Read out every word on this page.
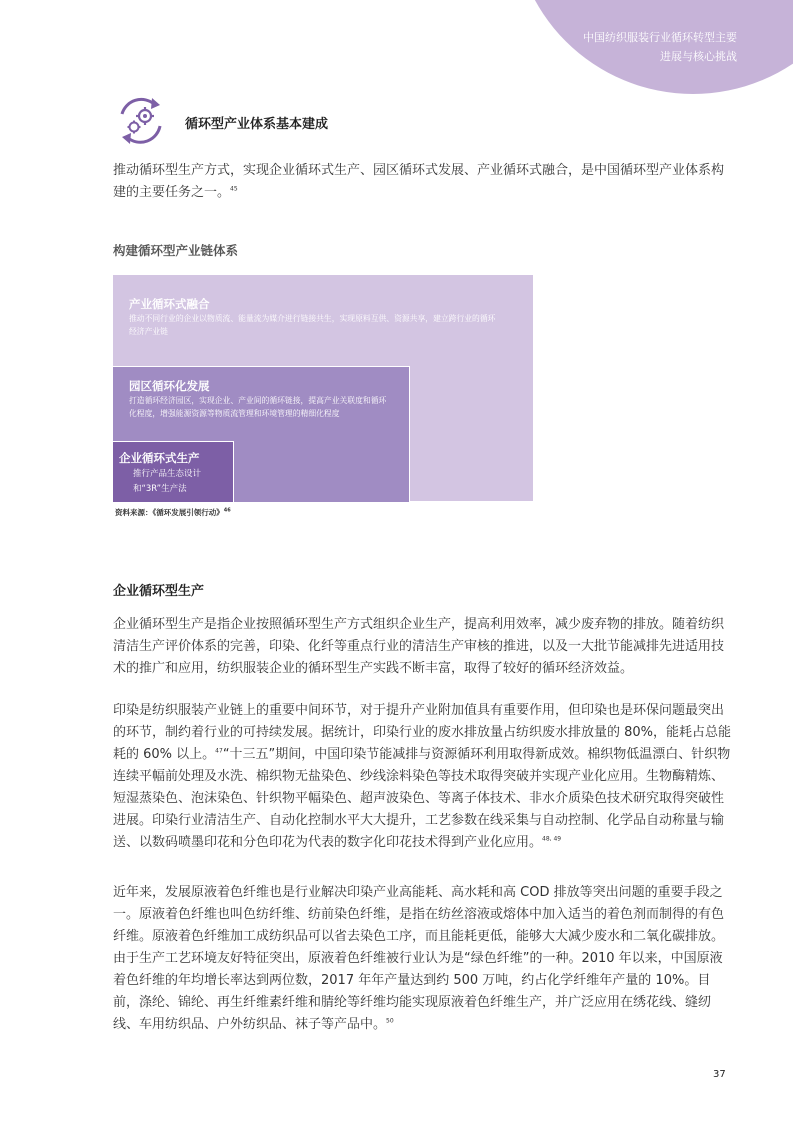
中国纺织服装行业循环转型主要
进展与核心挑战
循环型产业体系基本建成

推动循环型生产方式，实现企业循环式生产、园区循环式发展、产业循环式融合，是中国循环型产业体系构建的主要任务之一。$^{45}$

构建循环型产业链体系
产业循环式融合
推动不同行业的企业以物质流、能量流为媒介进行链接共生，实现原料互供、资源共享，建立跨行业的循环经济产业链
园区循环化发展
打造循环经济园区，实现企业、产业间的循环链接，提高产业关联度和循环化程度，增强能源资源等物质流管理和环境管理的精细化程度
企业循环式生产
推行产品生态设计
和“3R”生产法
资料来源：《循环发展引领行动》$^{46}$
企业循环型生产

企业循环型生产是指企业按照循环型生产方式组织企业生产，提高利用效率，减少废弃物的排放。随着纺织清洁生产评价体系的完善，印染、化纤等重点行业的清洁生产审核的推进，以及一大批节能减排先进适用技术的推广和应用，纺织服装企业的循环型生产实践不断丰富，取得了较好的循环经济效益。

印染是纺织服装产业链上的重要中间环节，对于提升产业附加值具有重要作用，但印染也是环保问题最突出的环节，制约着行业的可持续发展。据统计，印染行业的废水排放量占纺织废水排放量的 80%，能耗占总能耗的 60% 以上。$^{47}$“十三五”期间，中国印染节能减排与资源循环利用取得新成效。棉织物低温漂白、针织物连续平幅前处理及水洗、棉织物无盐染色、纱线涂料染色等技术取得突破并实现产业化应用。生物酶精炼、短湿蒸染色、泡沫染色、针织物平幅染色、超声波染色、等离子体技术、非水介质染色技术研究取得突破性进展。印染行业清洁生产、自动化控制水平大大提升，工艺参数在线采集与自动控制、化学品自动称量与输送、以数码喷墨印花和分色印花为代表的数字化印花技术得到产业化应用。$^{48, 49}$

近年来，发展原液着色纤维也是行业解决印染产业高能耗、高水耗和高 COD 排放等突出问题的重要手段之一。原液着色纤维也叫色纺纤维、纺前染色纤维，是指在纺丝溶液或熔体中加入适当的着色剂而制得的有色纤维。原液着色纤维加工成纺织品可以省去染色工序，而且能耗更低，能够大大减少废水和二氧化碳排放。由于生产工艺环境友好特征突出，原液着色纤维被行业认为是“绿色纤维”的一种。2010 年以来，中国原液着色纤维的年均增长率达到两位数，2017 年年产量达到约 500 万吨，约占化学纤维年产量的 10%。目前，涤纶、锦纶、再生纤维素纤维和腈纶等纤维均能实现原液着色纤维生产，并广泛应用在绣花线、缝纫线、车用纺织品、户外纺织品、袜子等产品中。$^{50}$

37
